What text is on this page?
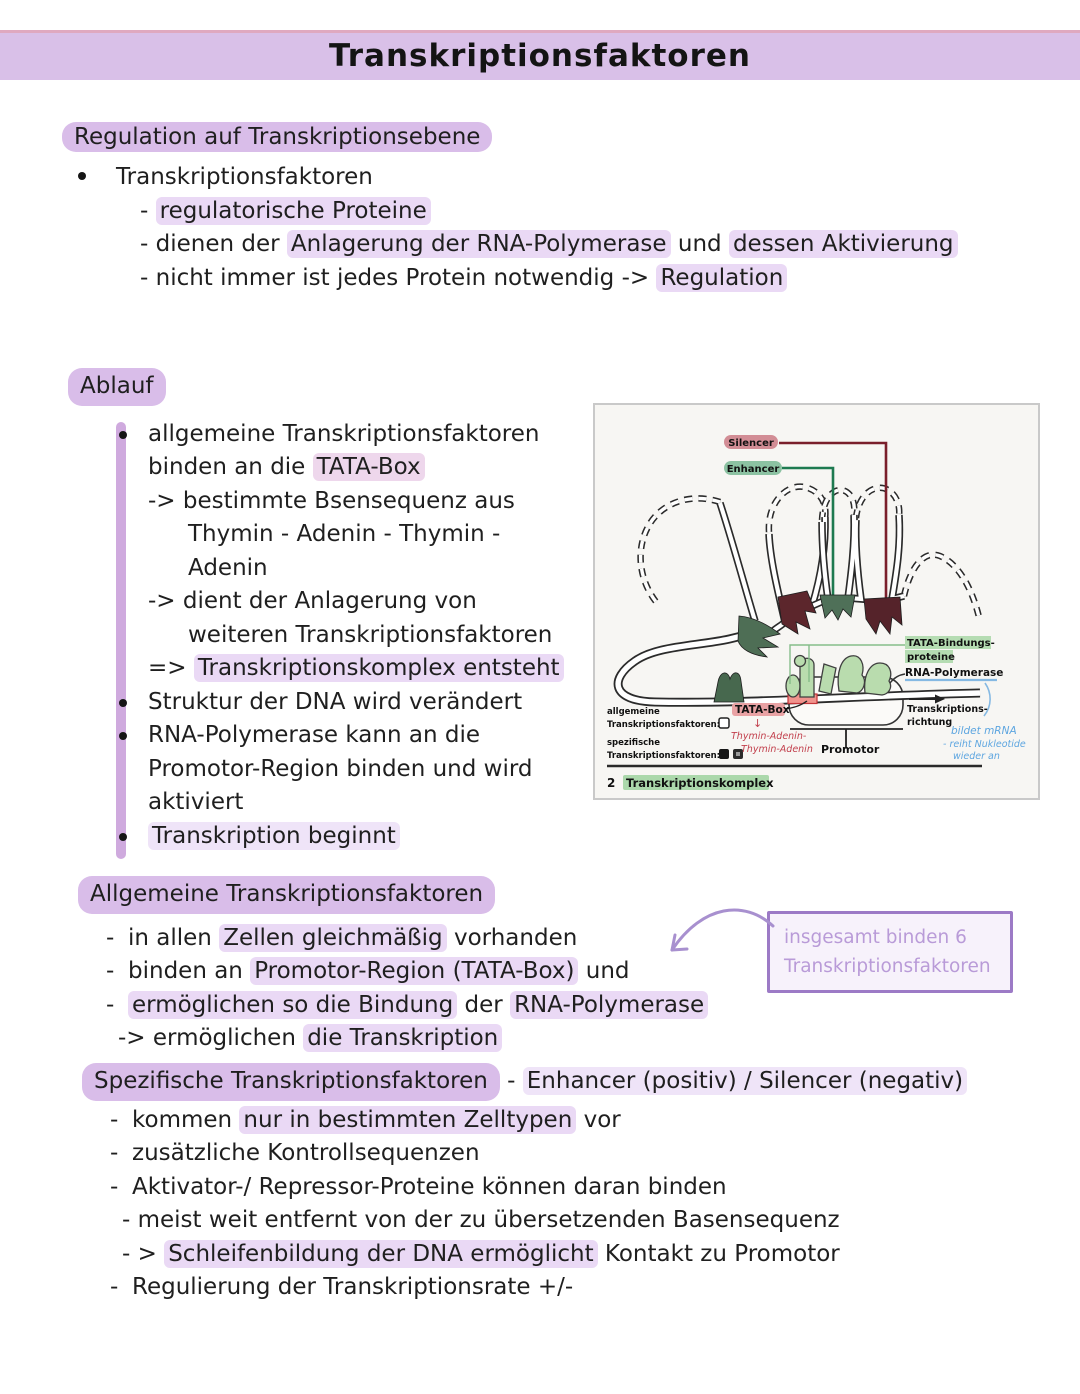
Transkriptionsfaktoren
Regulation auf Transkriptionsebene
Transkriptionsfaktoren
- regulatorische Proteine
- dienen der Anlagerung der RNA-Polymerase und dessen Aktivierung
- nicht immer ist jedes Protein notwendig -> Regulation
Ablauf
allgemeine Transkriptionsfaktoren
binden an die TATA-Box
-> bestimmte Bsensequenz aus
Thymin - Adenin - Thymin -
Adenin
-> dient der Anlagerung von
weiteren Transkriptionsfaktoren
=> Transkriptionskomplex entsteht
Struktur der DNA wird verändert
RNA-Polymerase kann an die
Promotor-Region binden und wird
aktiviert
Transkription beginnt
Allgemeine Transkriptionsfaktoren
- in allen Zellen gleichmäßig vorhanden
- binden an Promotor-Region (TATA-Box) und
- ermöglichen so die Bindung der RNA-Polymerase
-> ermöglichen die Transkription
insgesamt binden 6
Transkriptionsfaktoren
Spezifische Transkriptionsfaktoren - Enhancer (positiv) / Silencer (negativ)
- kommen nur in bestimmten Zelltypen vor
- zusätzliche Kontrollsequenzen
- Aktivator-/ Repressor-Proteine können daran binden
- meist weit entfernt von der zu übersetzenden Basensequenz
- > Schleifenbildung der DNA ermöglicht Kontakt zu Promotor
- Regulierung der Transkriptionsrate +/-
Silencer
Enhancer
TATA-Bindungs-
proteine
RNA-Polymerase
Transkriptions-
richtung
allgemeine
Transkriptionsfaktoren:
spezifische
Transkriptionsfaktoren:
TATA-Box
↓
Thymin-Adenin-
Thymin-Adenin Promotor
bildet mRNA
- reiht Nukleotide
wieder an
2 Transkriptionskomplex
